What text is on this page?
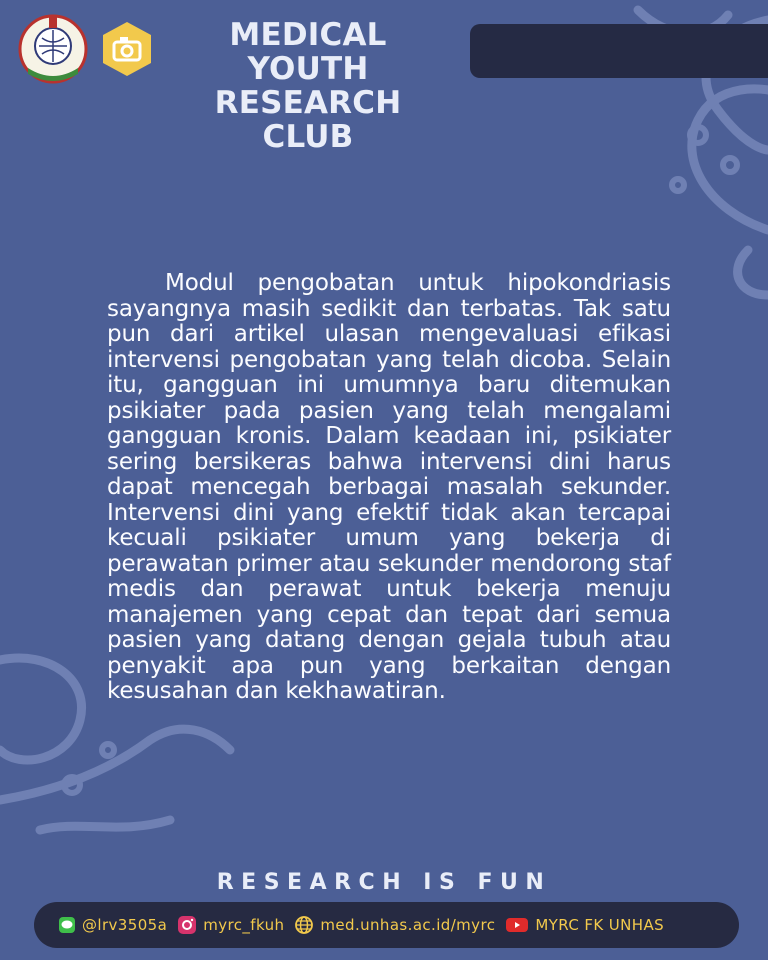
MEDICAL YOUTH
RESEARCH CLUB

Modul pengobatan untuk hipokondriasis sayangnya masih sedikit dan terbatas. Tak satu pun dari artikel ulasan mengevaluasi efikasi intervensi pengobatan yang telah dicoba. Selain itu, gangguan ini umumnya baru ditemukan psikiater pada pasien yang telah mengalami gangguan kronis. Dalam keadaan ini, psikiater sering bersikeras bahwa intervensi dini harus dapat mencegah berbagai masalah sekunder. Intervensi dini yang efektif tidak akan tercapai kecuali psikiater umum yang bekerja di perawatan primer atau sekunder mendorong staf medis dan perawat untuk bekerja menuju manajemen yang cepat dan tepat dari semua pasien yang datang dengan gejala tubuh atau penyakit apa pun yang berkaitan dengan kesusahan dan kekhawatiran.

RESEARCH IS FUN
@lrv3505a myrc_fkuh med.unhas.ac.id/myrc	MYRC FK UNHAS
